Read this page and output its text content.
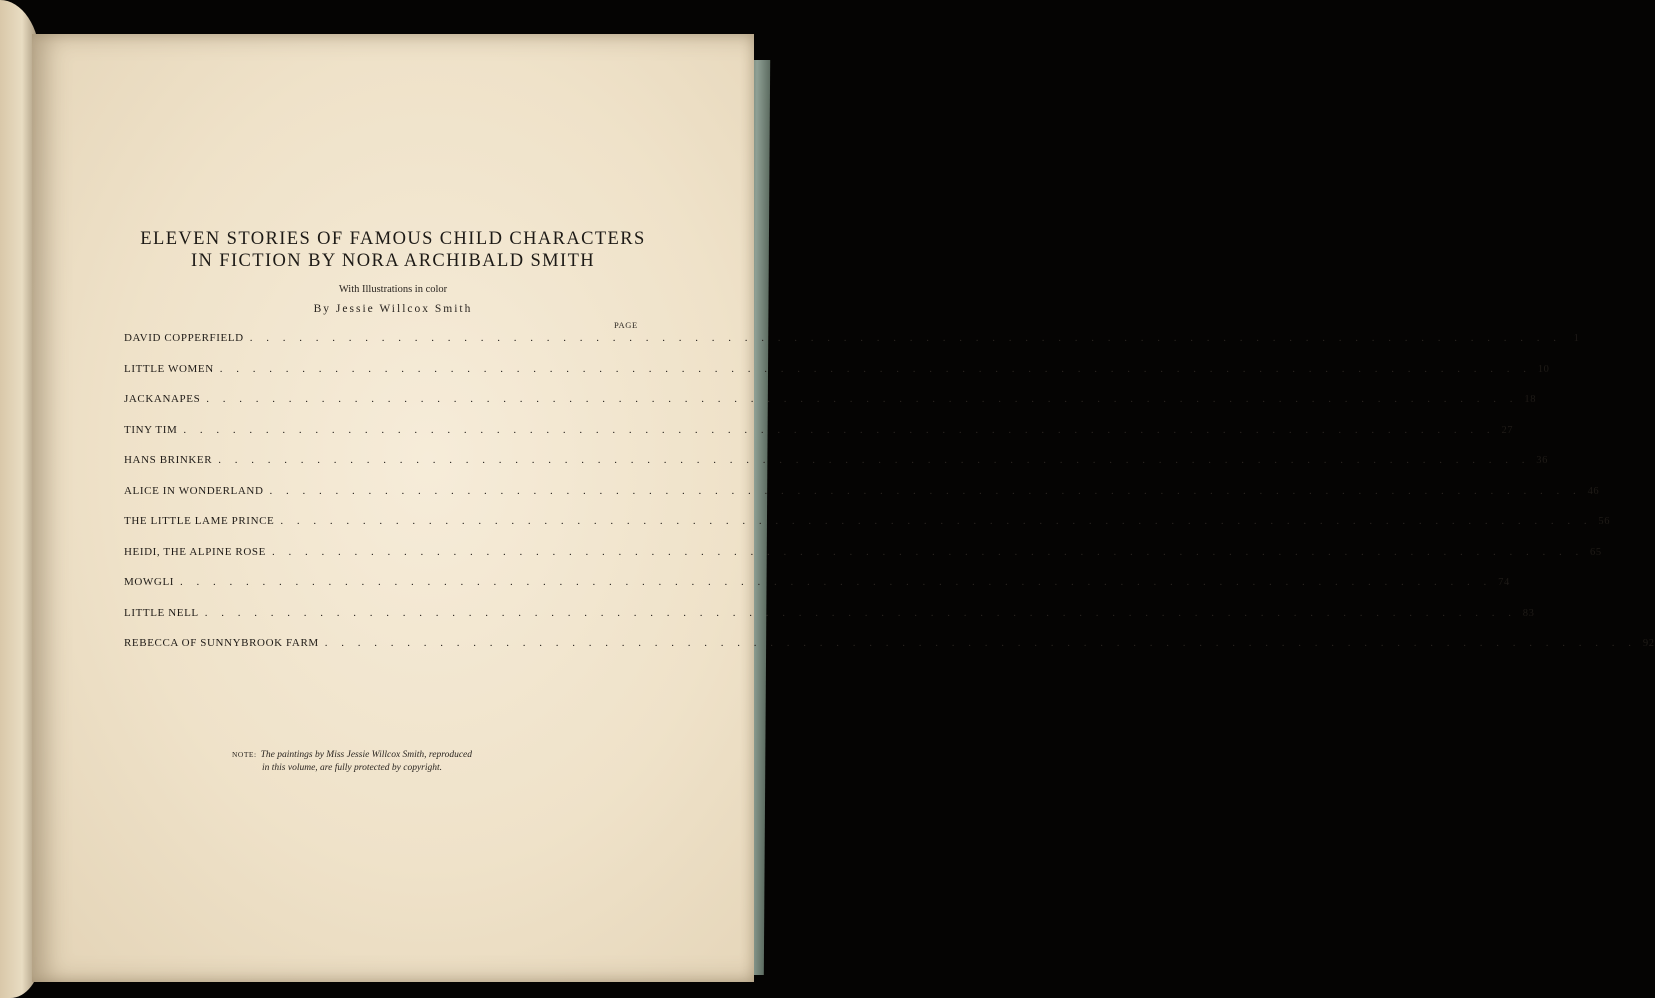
ELEVEN STORIES OF FAMOUS CHILD CHARACTERS
IN FICTION BY NORA ARCHIBALD SMITH
With Illustrations in color
By Jessie Willcox Smith
PAGE
DAVID COPPERFIELD . . . . . . . . . . . . . . . . . . . . . . . . . . . . . . . . . . . . . . . . . . . . . . . . . . . . . . . . . . . . . . . . . . . . . . . . . . . . . . . .	1
LITTLE WOMEN . . . . . . . . . . . . . . . . . . . . . . . . . . . . . . . . . . . . . . . . . . . . . . . . . . . . . . . . . . . . . . . . . . . . . . . . . . . . . . . . 10
JACKANAPES . . . . . . . . . . . . . . . . . . . . . . . . . . . . . . . . . . . . . . . . . . . . . . . . . . . . . . . . . . . . . . . . . . . . . . . . . . . . . . . . 18
TINY TIM . . . . . . . . . . . . . . . . . . . . . . . . . . . . . . . . . . . . . . . . . . . . . . . . . . . . . . . . . . . . . . . . . . . . . . . . . . . . . . . . 27
HANS BRINKER . . . . . . . . . . . . . . . . . . . . . . . . . . . . . . . . . . . . . . . . . . . . . . . . . . . . . . . . . . . . . . . . . . . . . . . . . . . . . . . . 36
ALICE IN WONDERLAND . . . . . . . . . . . . . . . . . . . . . . . . . . . . . . . . . . . . . . . . . . . . . . . . . . . . . . . . . . . . . . . . . . . . . . . . . . . . . . . . 46
THE LITTLE LAME PRINCE . . . . . . . . . . . . . . . . . . . . . . . . . . . . . . . . . . . . . . . . . . . . . . . . . . . . . . . . . . . . . . . . . . . . . . . . . . . . . . . . 56
HEIDI, THE ALPINE ROSE . . . . . . . . . . . . . . . . . . . . . . . . . . . . . . . . . . . . . . . . . . . . . . . . . . . . . . . . . . . . . . . . . . . . . . . . . . . . . . . . 65
MOWGLI . . . . . . . . . . . . . . . . . . . . . . . . . . . . . . . . . . . . . . . . . . . . . . . . . . . . . . . . . . . . . . . . . . . . . . . . . . . . . . . . 74
LITTLE NELL . . . . . . . . . . . . . . . . . . . . . . . . . . . . . . . . . . . . . . . . . . . . . . . . . . . . . . . . . . . . . . . . . . . . . . . . . . . . . . . . 83
REBECCA OF SUNNYBROOK FARM . . . . . . . . . . . . . . . . . . . . . . . . . . . . . . . . . . . . . . . . . . . . . . . . . . . . . . . . . . . . . . . . . . . . . . . . . . . . . . . . 92
NOTE: The paintings by Miss Jessie Willcox Smith, reproduced
in this volume, are fully protected by copyright.
